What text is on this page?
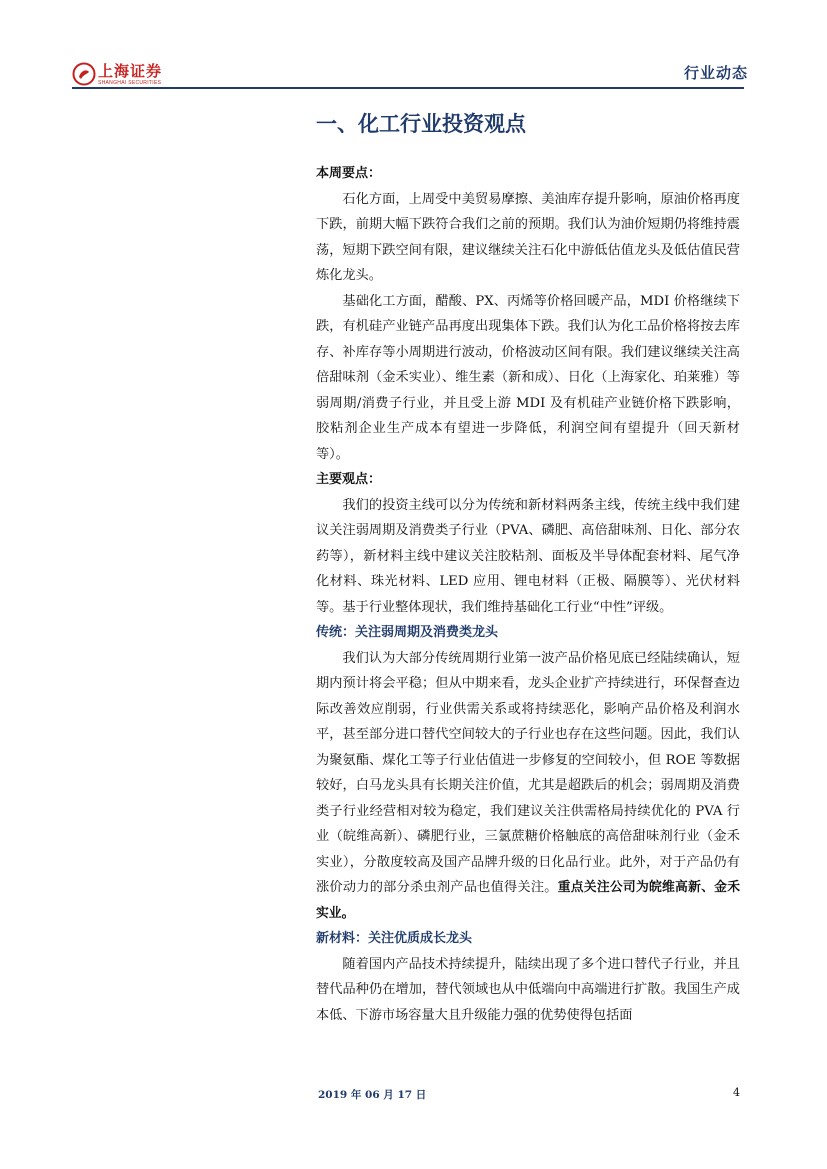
上海证券
SHANGHAI SECURITIES
行业动态
一、化工行业投资观点

本周要点：

石化方面，上周受中美贸易摩擦、美油库存提升影响，原油价格再度下跌，前期大幅下跌符合我们之前的预期。我们认为油价短期仍将维持震荡，短期下跌空间有限，建议继续关注石化中游低估值龙头及低估值民营炼化龙头。

基础化工方面，醋酸、PX、丙烯等价格回暖产品，MDI 价格继续下跌，有机硅产业链产品再度出现集体下跌。我们认为化工品价格将按去库存、补库存等小周期进行波动，价格波动区间有限。我们建议继续关注高倍甜味剂（金禾实业）、维生素（新和成）、日化（上海家化、珀莱雅）等弱周期/消费子行业，并且受上游 MDI 及有机硅产业链价格下跌影响，胶粘剂企业生产成本有望进一步降低，利润空间有望提升（回天新材等）。

主要观点：

我们的投资主线可以分为传统和新材料两条主线，传统主线中我们建议关注弱周期及消费类子行业（PVA、磷肥、高倍甜味剂、日化、部分农药等），新材料主线中建议关注胶粘剂、面板及半导体配套材料、尾气净化材料、珠光材料、LED 应用、锂电材料（正极、隔膜等）、光伏材料等。基于行业整体现状，我们维持基础化工行业“中性”评级。

传统：关注弱周期及消费类龙头

我们认为大部分传统周期行业第一波产品价格见底已经陆续确认，短期内预计将会平稳；但从中期来看，龙头企业扩产持续进行，环保督查边际改善效应削弱，行业供需关系或将持续恶化，影响产品价格及利润水平，甚至部分进口替代空间较大的子行业也存在这些问题。因此，我们认为聚氨酯、煤化工等子行业估值进一步修复的空间较小，但 ROE 等数据较好，白马龙头具有长期关注价值，尤其是超跌后的机会；弱周期及消费类子行业经营相对较为稳定，我们建议关注供需格局持续优化的 PVA 行业（皖维高新）、磷肥行业，三氯蔗糖价格触底的高倍甜味剂行业（金禾实业），分散度较高及国产品牌升级的日化品行业。此外，对于产品仍有涨价动力的部分杀虫剂产品也值得关注。重点关注公司为皖维高新、金禾实业。

新材料：关注优质成长龙头

随着国内产品技术持续提升，陆续出现了多个进口替代子行业，并且替代品种仍在增加，替代领域也从中低端向中高端进行扩散。我国生产成本低、下游市场容量大且升级能力强的优势使得包括面

2019 年 06 月 17 日	4
